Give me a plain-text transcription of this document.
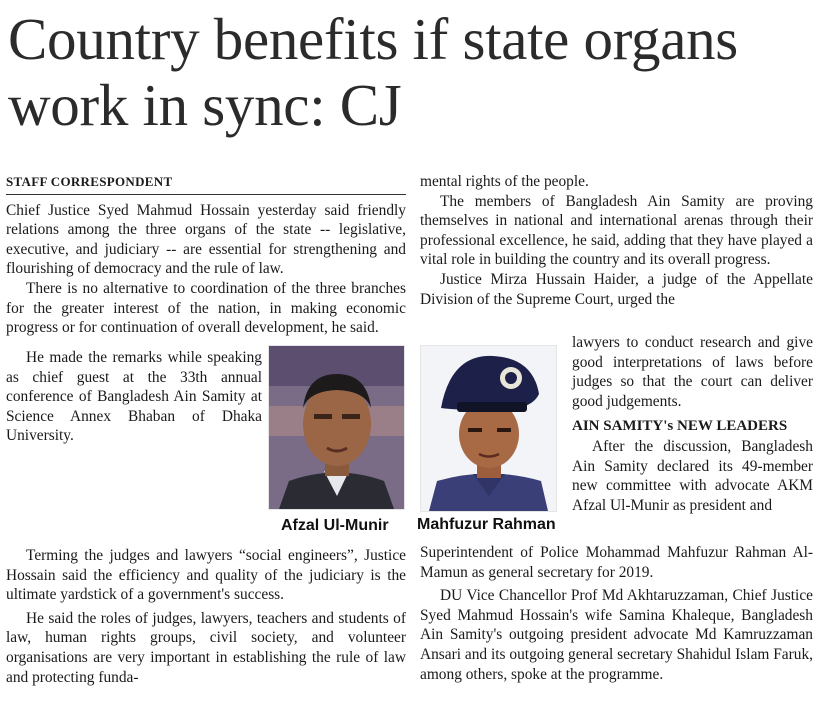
Country benefits if state organs work in sync: CJ
STAFF CORRESPONDENT

Chief Justice Syed Mahmud Hossain yesterday said friendly relations among the three organs of the state -- legislative, executive, and judiciary -- are essential for strengthening and flourishing of democracy and the rule of law.

There is no alternative to coordination of the three branches for the greater interest of the nation, in making economic progress or for continuation of overall development, he said.

He made the remarks while speaking as chief guest at the 33th annual conference of Bangladesh Ain Samity at Science Annex Bhaban of Dhaka University.

Terming the judges and lawyers “social engineers”, Justice Hossain said the efficiency and quality of the judiciary is the ultimate yardstick of a government's success.

He said the roles of judges, lawyers, teachers and students of law, human rights groups, civil society, and volunteer organisations are very important in establishing the rule of law and protecting funda-

mental rights of the people.

The members of Bangladesh Ain Samity are proving themselves in national and international arenas through their professional excellence, he said, adding that they have played a vital role in building the country and its overall progress.

Justice Mirza Hussain Haider, a judge of the Appellate Division of the Supreme Court, urged the

lawyers to conduct research and give good interpretations of laws before judges so that the court can deliver good judgements.

AIN SAMITY's NEW LEADERS

After the discussion, Bangladesh Ain Samity declared its 49-member new committee with advocate AKM Afzal Ul-Munir as president and

Superintendent of Police Mohammad Mahfuzur Rahman Al-Mamun as general secretary for 2019.

DU Vice Chancellor Prof Md Akhtaruzzaman, Chief Justice Syed Mahmud Hossain's wife Samina Khaleque, Bangladesh Ain Samity's outgoing president advocate Md Kamruzzaman Ansari and its outgoing general secretary Shahidul Islam Faruk, among others, spoke at the programme.

Afzal Ul-Munir Mahfuzur Rahman
